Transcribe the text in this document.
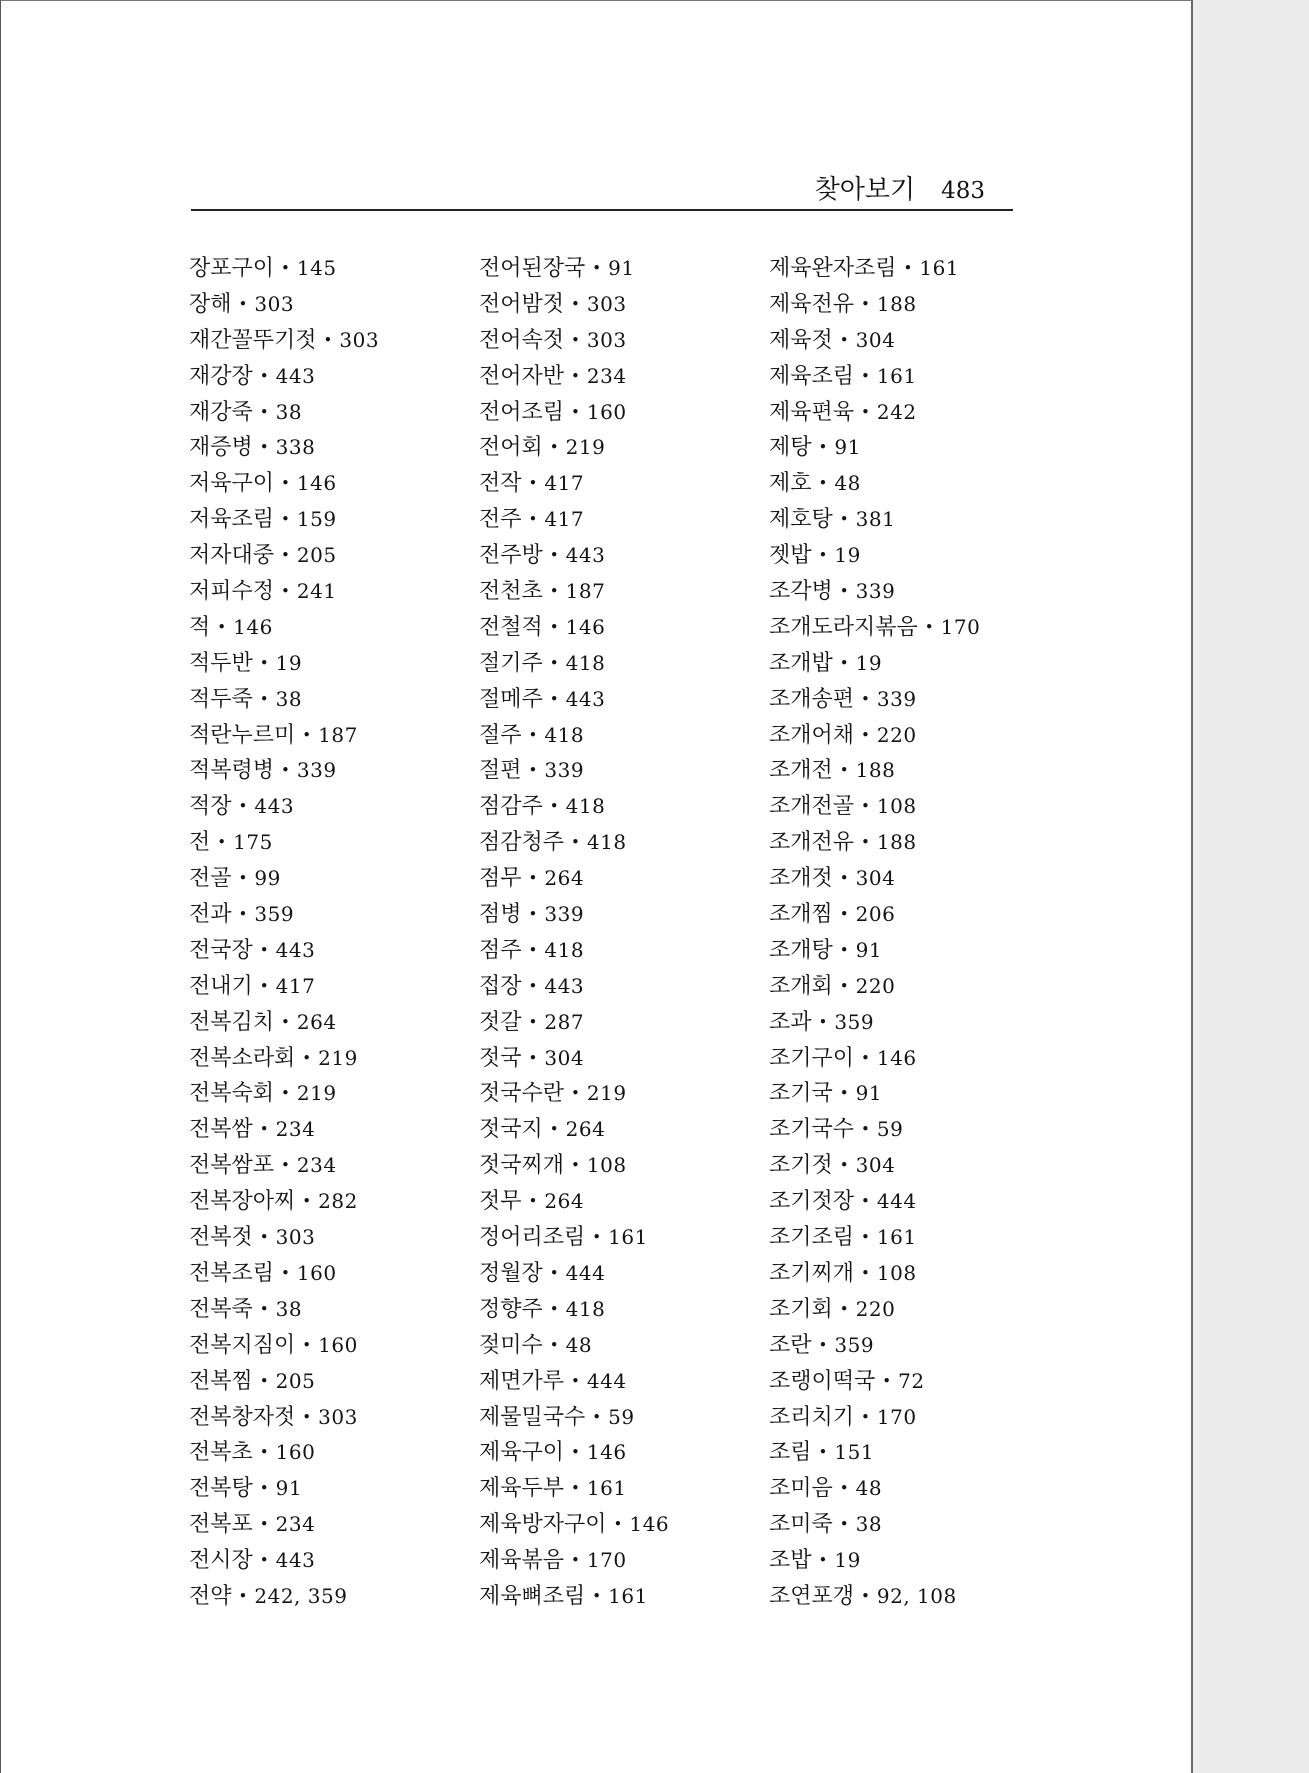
찾아보기 483
장포구이 • 145
장해 • 303
재간꼴뚜기젓 • 303
재강장 • 443
재강죽 • 38
재증병 • 338
저육구이 • 146
저육조림 • 159
저자대중 • 205
저피수정 • 241
적 • 146
적두반 • 19
적두죽 • 38
적란누르미 • 187
적복령병 • 339
적장 • 443
전 • 175
전골 • 99
전과 • 359
전국장 • 443
전내기 • 417
전복김치 • 264
전복소라회 • 219
전복숙회 • 219
전복쌈 • 234
전복쌈포 • 234
전복장아찌 • 282
전복젓 • 303
전복조림 • 160
전복죽 • 38
전복지짐이 • 160
전복찜 • 205
전복창자젓 • 303
전복초 • 160
전복탕 • 91
전복포 • 234
전시장 • 443
전약 • 242, 359
전어된장국 • 91
전어밤젓 • 303
전어속젓 • 303
전어자반 • 234
전어조림 • 160
전어회 • 219
전작 • 417
전주 • 417
전주방 • 443
전천초 • 187
전철적 • 146
절기주 • 418
절메주 • 443
절주 • 418
절편 • 339
점감주 • 418
점감청주 • 418
점무 • 264
점병 • 339
점주 • 418
접장 • 443
젓갈 • 287
젓국 • 304
젓국수란 • 219
젓국지 • 264
젓국찌개 • 108
젓무 • 264
정어리조림 • 161
정월장 • 444
정향주 • 418
젖미수 • 48
제면가루 • 444
제물밀국수 • 59
제육구이 • 146
제육두부 • 161
제육방자구이 • 146
제육볶음 • 170
제육뼈조림 • 161
제육완자조림 • 161
제육전유 • 188
제육젓 • 304
제육조림 • 161
제육편육 • 242
제탕 • 91
제호 • 48
제호탕 • 381
젯밥 • 19
조각병 • 339
조개도라지볶음 • 170
조개밥 • 19
조개송편 • 339
조개어채 • 220
조개전 • 188
조개전골 • 108
조개전유 • 188
조개젓 • 304
조개찜 • 206
조개탕 • 91
조개회 • 220
조과 • 359
조기구이 • 146
조기국 • 91
조기국수 • 59
조기젓 • 304
조기젓장 • 444
조기조림 • 161
조기찌개 • 108
조기회 • 220
조란 • 359
조랭이떡국 • 72
조리치기 • 170
조림 • 151
조미음 • 48
조미죽 • 38
조밥 • 19
조연포갱 • 92, 108
